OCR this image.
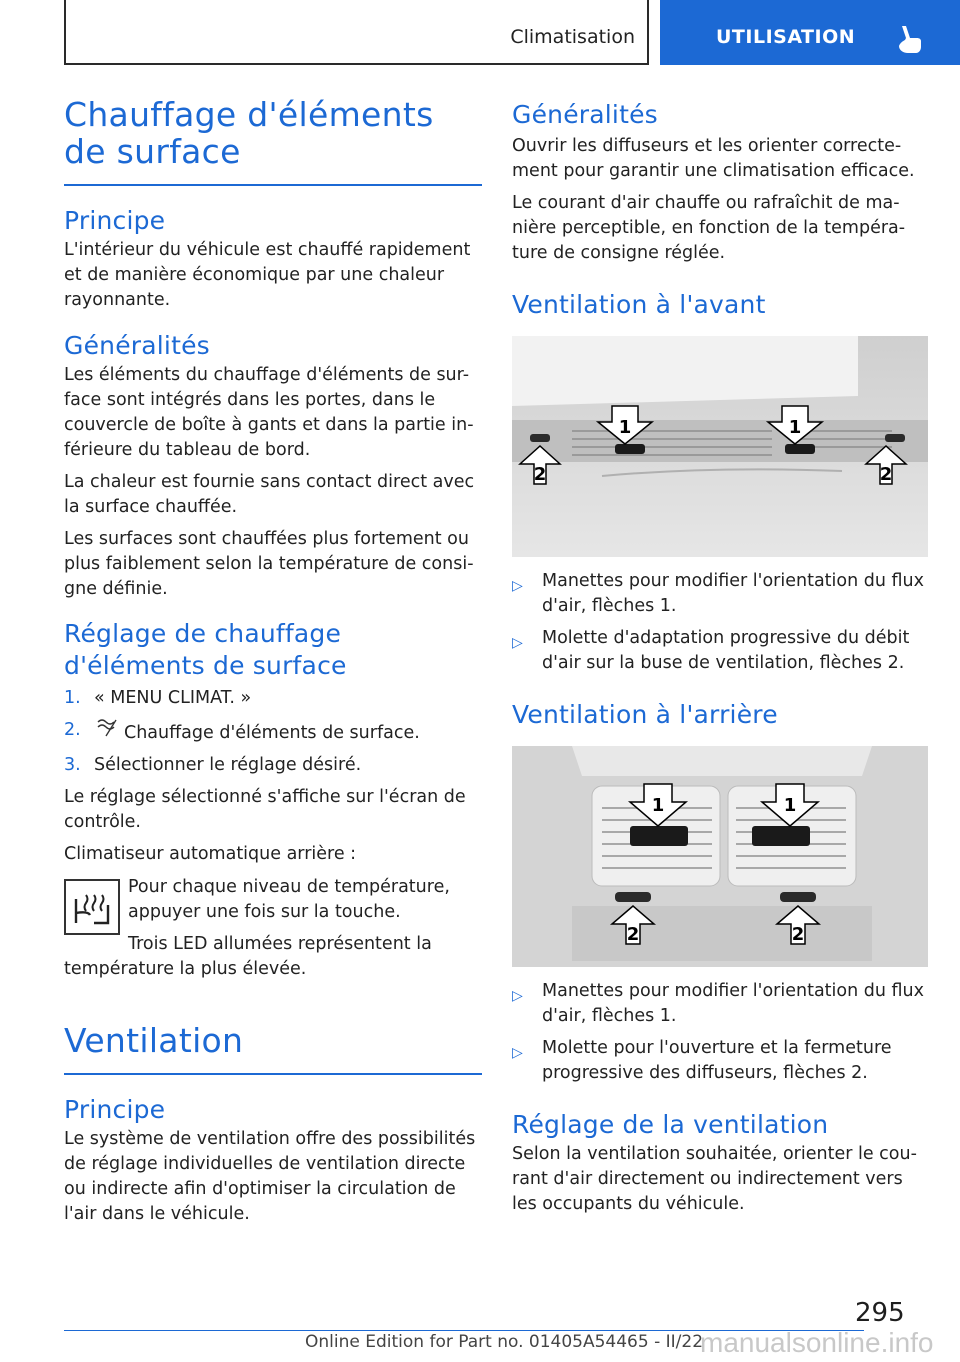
Climatisation	UTILISATION
Chauffage d'éléments de surface
Principe
L'intérieur du véhicule est chauffé rapidement et de manière économique par une chaleur rayonnante.
Généralités
Les éléments du chauffage d'éléments de sur-face sont intégrés dans les portes, dans le couvercle de boîte à gants et dans la partie in-férieure du tableau de bord.
La chaleur est fournie sans contact direct avec la surface chauffée.
Les surfaces sont chauffées plus fortement ou plus faiblement selon la température de consi-gne définie.
Réglage de chauffage d'éléments de surface
1. « MENU CLIMAT. »
2. Chauffage d'éléments de surface.
3. Sélectionner le réglage désiré.
Le réglage sélectionné s'affiche sur l'écran de contrôle.
Climatiseur automatique arrière :
Pour chaque niveau de température, appuyer une fois sur la touche.
Trois LED allumées représentent la température la plus élevée.
Ventilation
Principe
Le système de ventilation offre des possibilités de réglage individuelles de ventilation directe ou indirecte afin d'optimiser la circulation de l'air dans le véhicule.
Généralités
Ouvrir les diffuseurs et les orienter correcte-ment pour garantir une climatisation efficace.
Le courant d'air chauffe ou rafraîchit de ma-nière perceptible, en fonction de la tempéra-ture de consigne réglée.
Ventilation à l'avant
1	1
2	2
▷ Manettes pour modifier l'orientation du flux d'air, flèches 1.
▷ Molette d'adaptation progressive du débit d'air sur la buse de ventilation, flèches 2.
Ventilation à l'arrière
1	1
2	2
▷ Manettes pour modifier l'orientation du flux d'air, flèches 1.
▷ Molette pour l'ouverture et la fermeture progressive des diffuseurs, flèches 2.
Réglage de la ventilation
Selon la ventilation souhaitée, orienter le cou-rant d'air directement ou indirectement vers les occupants du véhicule.
295
Online Edition for Part no. 01405A54465 - II/22
manualsonline.info
